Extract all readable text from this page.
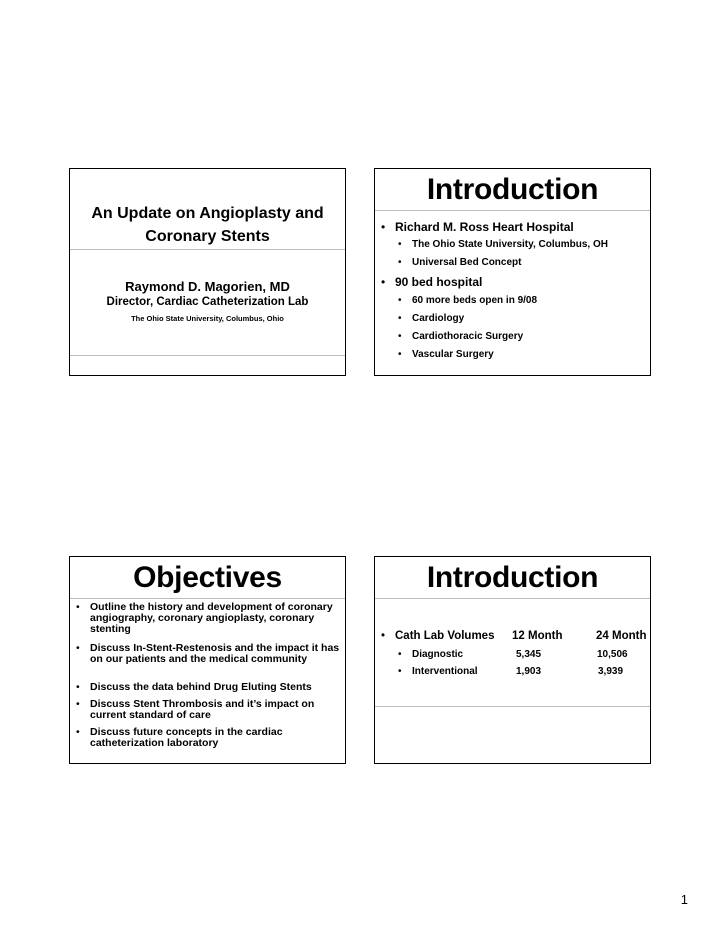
An Update on Angioplasty and
Coronary Stents
Raymond D. Magorien, MD
Director, Cardiac Catheterization Lab
The Ohio State University, Columbus, Ohio
Introduction
• Richard M. Ross Heart Hospital
• The Ohio State University, Columbus, OH
• Universal Bed Concept
• 90 bed hospital
• 60 more beds open in 9/08
• Cardiology
• Cardiothoracic Surgery
• Vascular Surgery
Objectives
• Outline the history and development of coronary angiography, coronary angioplasty, coronary stenting
• Discuss In-Stent-Restenosis and the impact it has on our patients and the medical community
• Discuss the data behind Drug Eluting Stents
• Discuss Stent Thrombosis and it’s impact on current standard of care
• Discuss future concepts in the cardiac catheterization laboratory
Introduction
• Cath Lab Volumes 12 Month	24 Month
• Diagnostic	5,345	10,506
• Interventional	1,903	3,939
1
